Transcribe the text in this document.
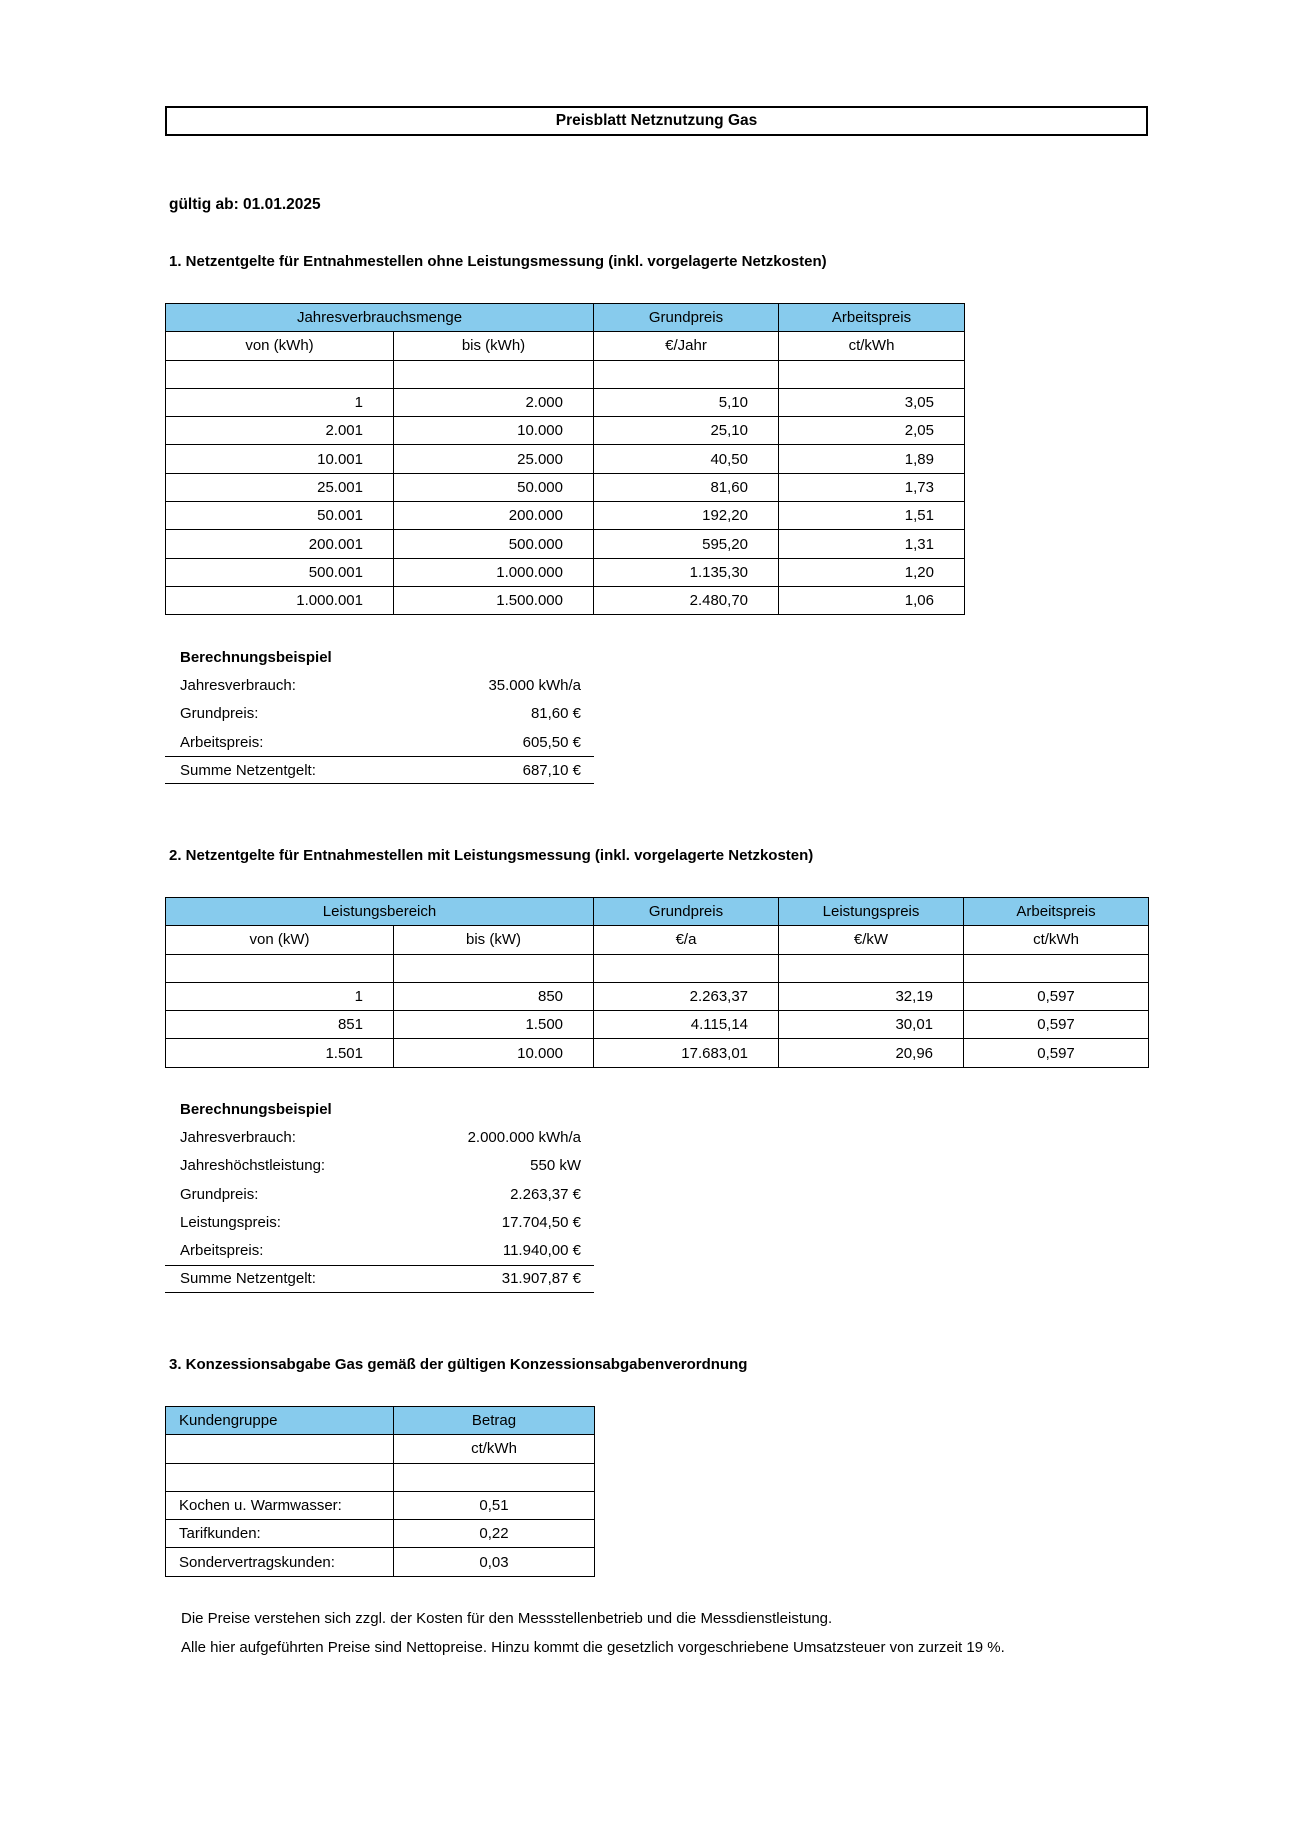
Preisblatt Netznutzung Gas
gültig ab: 01.01.2025
1. Netzentgelte für Entnahmestellen ohne Leistungsmessung (inkl. vorgelagerte Netzkosten)
Jahresverbrauchsmenge		Grundpreis	Arbeitspreis
von (kWh)	bis (kWh)	€/Jahr	ct/kWh

1	2.000	5,10	3,05
2.001	10.000	25,10	2,05
10.001	25.000	40,50	1,89
25.001	50.000	81,60	1,73
50.001	200.000	192,20	1,51
200.001	500.000	595,20	1,31
500.001	1.000.000	1.135,30	1,20
1.000.001	1.500.000	2.480,70	1,06
Berechnungsbeispiel
Jahresverbrauch:	35.000 kWh/a
Grundpreis:	81,60 €
Arbeitspreis:	605,50 €
Summe Netzentgelt:	687,10 €
2. Netzentgelte für Entnahmestellen mit Leistungsmessung (inkl. vorgelagerte Netzkosten)
Leistungsbereich		Grundpreis	Leistungspreis	Arbeitspreis
von (kW)	bis (kW)	€/a	€/kW	ct/kWh

1	850	2.263,37	32,19	0,597
851	1.500	4.115,14	30,01	0,597
1.501	10.000	17.683,01	20,96	0,597
Berechnungsbeispiel
Jahresverbrauch:	2.000.000 kWh/a
Jahreshöchstleistung:	550 kW
Grundpreis:	2.263,37 €
Leistungspreis:	17.704,50 €
Arbeitspreis:	11.940,00 €
Summe Netzentgelt:	31.907,87 €
3. Konzessionsabgabe Gas gemäß der gültigen Konzessionsabgabenverordnung
Kundengruppe	Betrag
	ct/kWh

Kochen u. Warmwasser:	0,51
Tarifkunden:	0,22
Sondervertragskunden:	0,03
Die Preise verstehen sich zzgl. der Kosten für den Messstellenbetrieb und die Messdienstleistung.
Alle hier aufgeführten Preise sind Nettopreise. Hinzu kommt die gesetzlich vorgeschriebene Umsatzsteuer von zurzeit 19 %.
